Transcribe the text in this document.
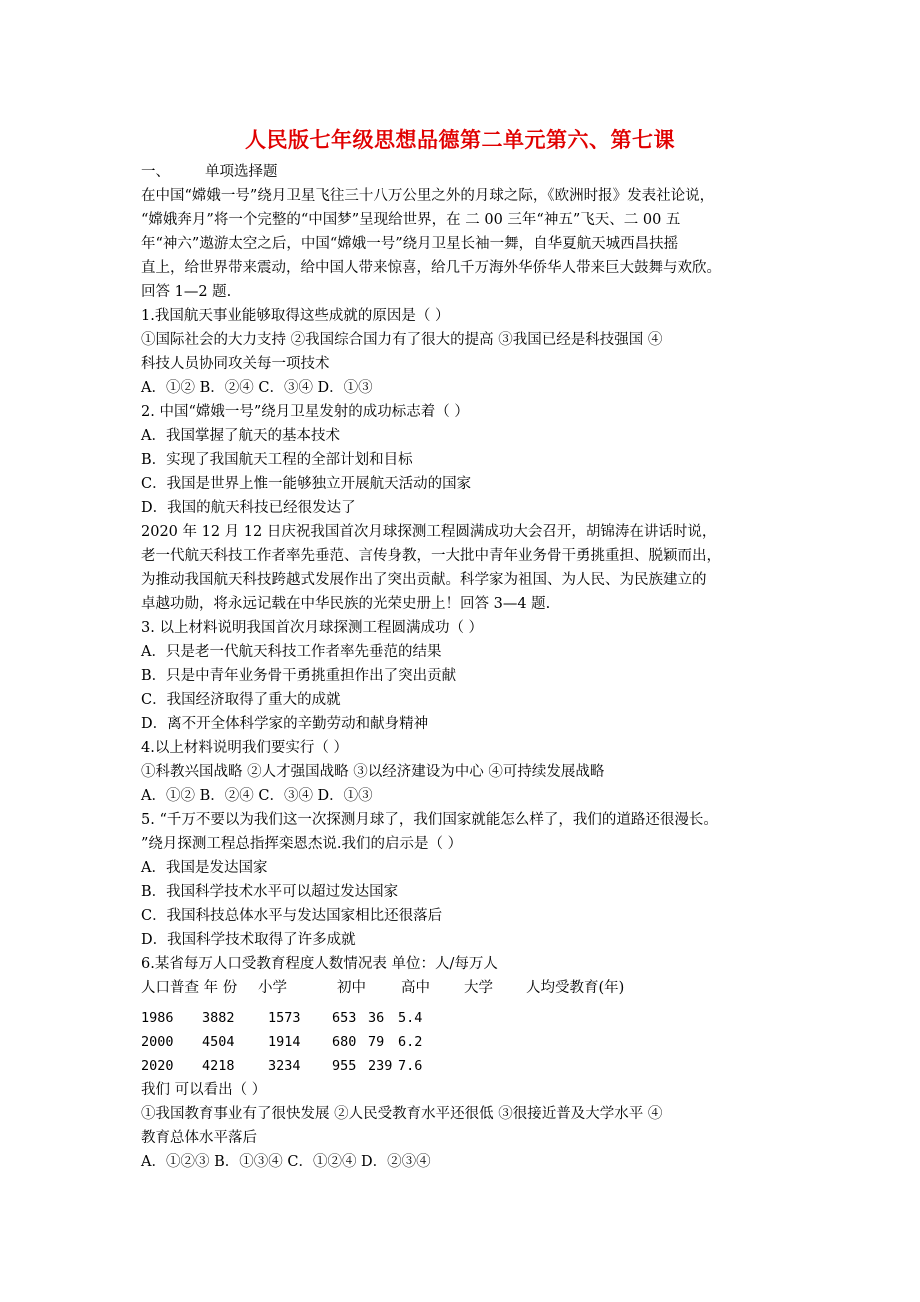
人民版七年级思想品德第二单元第六、第七课
一、	单项选择题
在中国“嫦娥一号”绕月卫星飞往三十八万公里之外的月球之际，《欧洲时报》发表社论说，
“嫦娥奔月”将一个完整的“中国梦”呈现给世界，在 二 00 三年“神五”飞天、二 00 五
年“神六”遨游太空之后，中国“嫦娥一号”绕月卫星长袖一舞，自华夏航天城西昌扶摇
直上，给世界带来震动，给中国人带来惊喜，给几千万海外华侨华人带来巨大鼓舞与欢欣。
回答 1—2 题.
1.我国航天事业能够取得这些成就的原因是（ ）
①国际社会的大力支持 ②我国综合国力有了很大的提高 ③我国已经是科技强国 ④
科技人员协同攻关每一项技术
A．①② B．②④ C．③④ D．①③
2. 中国“嫦娥一号”绕月卫星发射的成功标志着（ ）
A．我国掌握了航天的基本技术
B．实现了我国航天工程的全部计划和目标
C．我国是世界上惟一能够独立开展航天活动的国家
D．我国的航天科技已经很发达了
2020 年 12 月 12 日庆祝我国首次月球探测工程圆满成功大会召开，胡锦涛在讲话时说，
老一代航天科技工作者率先垂范、言传身教，一大批中青年业务骨干勇挑重担、脱颖而出，
为推动我国航天科技跨越式发展作出了突出贡献。科学家为祖国、为人民、为民族建立的
卓越功勋，将永远记载在中华民族的光荣史册上！回答 3—4 题.
3. 以上材料说明我国首次月球探测工程圆满成功（ ）
A．只是老一代航天科技工作者率先垂范的结果
B．只是中青年业务骨干勇挑重担作出了突出贡献
C．我国经济取得了重大的成就
D．离不开全体科学家的辛勤劳动和献身精神
4.以上材料说明我们要实行（ ）
①科教兴国战略 ②人才强国战略 ③以经济建设为中心 ④可持续发展战略
A．①② B．②④ C．③④ D．①③
5. “千万不要以为我们这一次探测月球了，我们国家就能怎么样了，我们的道路还很漫长。
”绕月探测工程总指挥栾恩杰说.我们的启示是（ ）
A．我国是发达国家
B．我国科学技术水平可以超过发达国家
C．我国科技总体水平与发达国家相比还很落后
D．我国科学技术取得了许多成就
6.某省每万人口受教育程度人数情况表 单位：人/每万人
人口普查 年 份	小学	初中	高中	大学	人均受教育(年)
1986	3882	1573	653 36	5.4
2000	4504	1914	680 79	6.2
2020	4218	3234	955 239 7.6
我们 可以看出（ ）
①我国教育事业有了很快发展 ②人民受教育水平还很低 ③很接近普及大学水平 ④
教育总体水平落后
A．①②③ B．①③④ C．①②④ D．②③④
